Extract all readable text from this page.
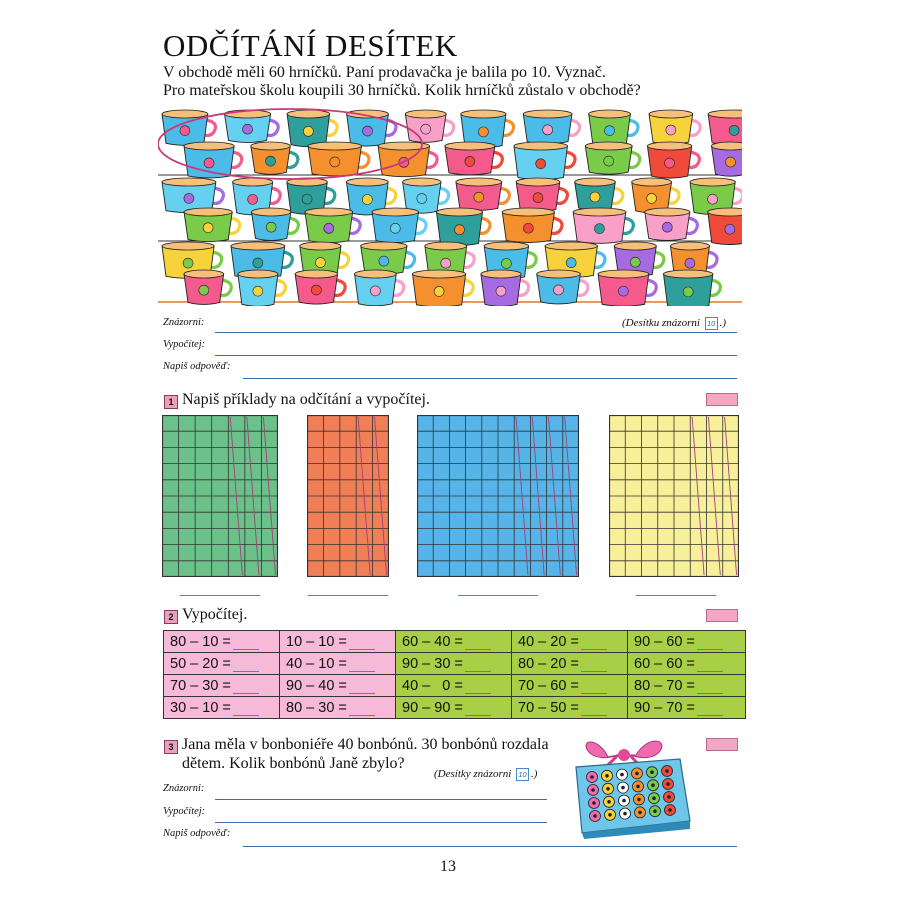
ODČÍTÁNÍ DESÍTEK
V obchodě měli 60 hrníčků. Paní prodavačka je balila po 10. Vyznač.
Pro mateřskou školu koupili 30 hrníčků. Kolik hrníčků zůstalo v obchodě?
Znázorni:	(Desítku znázorni 10 .)
Vypočítej:
Napiš odpověď:
1 Napiš příklady na odčítání a vypočítej.
2 Vypočítej.
80 – 10 =	10 – 10 =	60 – 40 =	40 – 20 =	90 – 60 =
50 – 20 =	40 – 10 =	90 – 30 =	80 – 20 =	60 – 60 =
70 – 30 =	90 – 40 =	40 –   0 =	70 – 60 =	80 – 70 =
30 – 10 =	80 – 30 =	90 – 90 =	70 – 50 =	90 – 70 =
3 Jana měla v bonboniéře 40 bonbónů. 30 bonbónů rozdala
dětem. Kolik bonbónů Janě zbylo?
(Desítky znázorni 10 .)
Znázorni:
Vypočítej:
Napiš odpověď:
13
